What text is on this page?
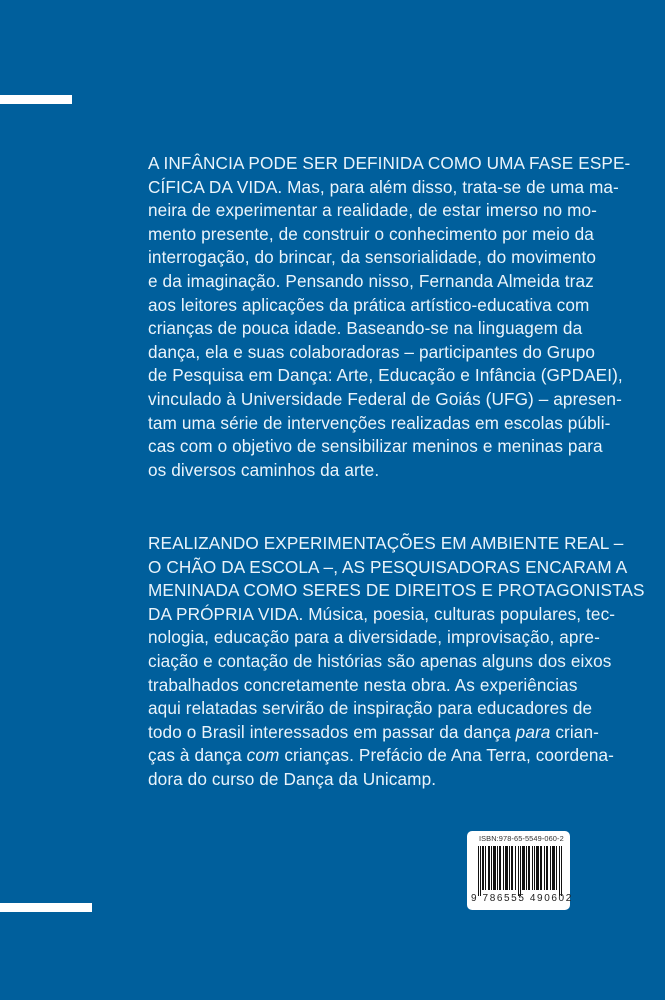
A INFÂNCIA PODE SER DEFINIDA COMO UMA FASE ESPE-
CÍFICA DA VIDA. Mas, para além disso, trata-se de uma ma-
neira de experimentar a realidade, de estar imerso no mo-
mento presente, de construir o conhecimento por meio da
interrogação, do brincar, da sensorialidade, do movimento
e da imaginação. Pensando nisso, Fernanda Almeida traz
aos leitores aplicações da prática artístico-educativa com
crianças de pouca idade. Baseando-se na linguagem da
dança, ela e suas colaboradoras – participantes do Grupo
de Pesquisa em Dança: Arte, Educação e Infância (GPDAEI),
vinculado à Universidade Federal de Goiás (UFG) – apresen-
tam uma série de intervenções realizadas em escolas públi-
cas com o objetivo de sensibilizar meninos e meninas para
os diversos caminhos da arte.
REALIZANDO EXPERIMENTAÇÕES EM AMBIENTE REAL –
O CHÃO DA ESCOLA –, AS PESQUISADORAS ENCARAM A
MENINADA COMO SERES DE DIREITOS E PROTAGONISTAS
DA PRÓPRIA VIDA. Música, poesia, culturas populares, tec-
nologia, educação para a diversidade, improvisação, apre-
ciação e contação de histórias são apenas alguns dos eixos
trabalhados concretamente nesta obra. As experiências
aqui relatadas servirão de inspiração para educadores de
todo o Brasil interessados em passar da dança para crian-
ças à dança com crianças. Prefácio de Ana Terra, coordena-
dora do curso de Dança da Unicamp.
ISBN:978-65-5549-060-2
9 786555 490602
